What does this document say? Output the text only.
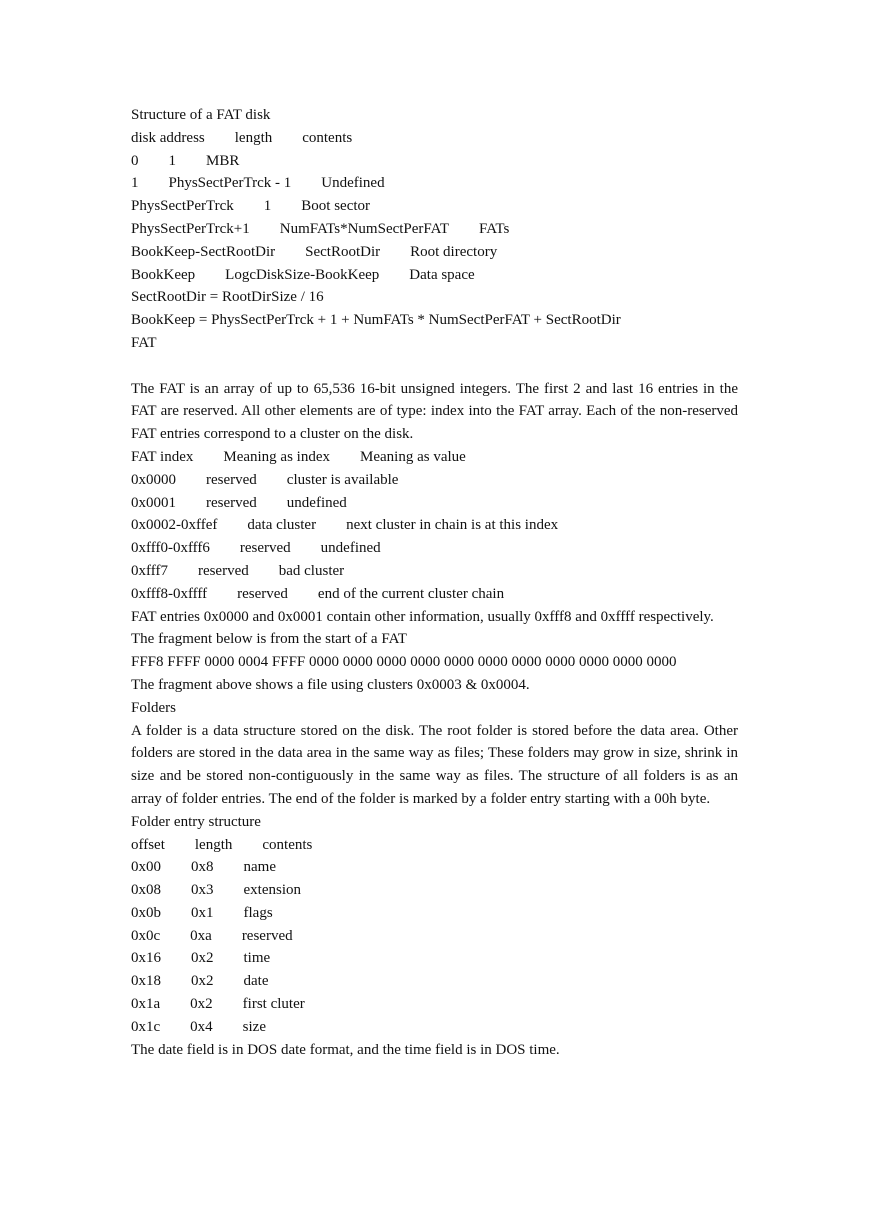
Structure of a FAT disk
disk address  length  contents
0  1  MBR
1  PhysSectPerTrck - 1  Undefined
PhysSectPerTrck  1  Boot sector
PhysSectPerTrck+1  NumFATs*NumSectPerFAT  FATs
BookKeep-SectRootDir  SectRootDir  Root directory
BookKeep  LogcDiskSize-BookKeep  Data space
SectRootDir = RootDirSize / 16
BookKeep = PhysSectPerTrck + 1 + NumFATs * NumSectPerFAT + SectRootDir
FAT

The FAT is an array of up to 65,536 16-bit unsigned integers. The first 2 and last 16 entries in the FAT are reserved. All other elements are of type: index into the FAT array. Each of the non-reserved FAT entries correspond to a cluster on the disk.

FAT index  Meaning as index  Meaning as value
0x0000  reserved  cluster is available
0x0001  reserved  undefined
0x0002-0xffef  data cluster  next cluster in chain is at this index
0xfff0-0xfff6  reserved  undefined
0xfff7  reserved  bad cluster
0xfff8-0xffff  reserved  end of the current cluster chain
FAT entries 0x0000 and 0x0001 contain other information, usually 0xfff8 and 0xffff respectively.
The fragment below is from the start of a FAT
FFF8 FFFF 0000 0004 FFFF 0000 0000 0000 0000 0000 0000 0000 0000 0000 0000 0000
The fragment above shows a file using clusters 0x0003 & 0x0004.
Folders

A folder is a data structure stored on the disk. The root folder is stored before the data area. Other folders are stored in the data area in the same way as files; These folders may grow in size, shrink in size and be stored non-contiguously in the same way as files. The structure of all folders is as an array of folder entries. The end of the folder is marked by a folder entry starting with a 00h byte.

Folder entry structure
offset  length  contents
0x00  0x8  name
0x08  0x3  extension
0x0b  0x1  flags
0x0c  0xa  reserved
0x16  0x2  time
0x18  0x2  date
0x1a  0x2  first cluter
0x1c  0x4  size
The date field is in DOS date format, and the time field is in DOS time.
